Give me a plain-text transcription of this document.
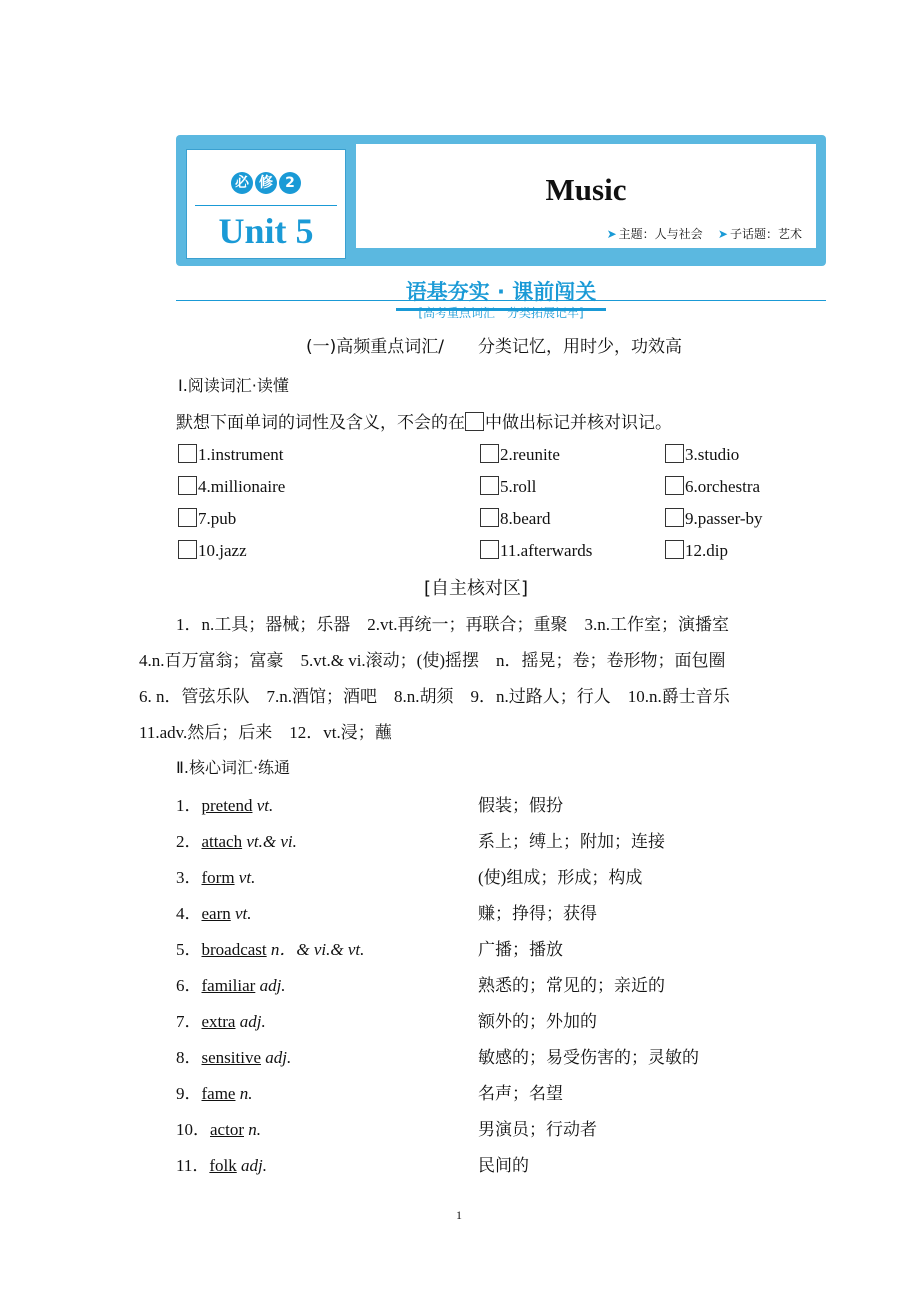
必 修 2
Unit 5
Music
➤ 主题：人与社会 ➤ 子话题：艺术
语基夯实 · 课前闯关
[高考重点词汇　分类拓展记牢]
(一)高频重点词汇/　　分类记忆，用时少，功效高
Ⅰ.阅读词汇·读懂
默想下面单词的词性及含义，不会的在 中做出标记并核对识记。
1.instrument	2.reunite	3.studio
4.millionaire	5.roll	6.orchestra
7.pub	8.beard	9.passer-by
10.jazz	11.afterwards	12.dip
[自主核对区]
1．n.工具；器械；乐器　2.vt.再统一；再联合；重聚　3.n.工作室；演播室
4.n.百万富翁；富豪　5.vt.& vi.滚动；(使)摇摆　n．摇晃；卷；卷形物；面包圈
6. n．管弦乐队　7.n.酒馆；酒吧　8.n.胡须　9．n.过路人；行人　10.n.爵士音乐
11.adv.然后；后来　12．vt.浸；蘸
Ⅱ.核心词汇·练通
1．pretend vt.	假装；假扮
2．attach vt.& vi.	系上；缚上；附加；连接
3．form vt.	(使)组成；形成；构成
4．earn vt.	赚；挣得；获得
5．broadcast n．& vi.& vt.	广播；播放
6．familiar adj.	熟悉的；常见的；亲近的
7．extra adj.	额外的；外加的
8．sensitive adj.	敏感的；易受伤害的；灵敏的
9．fame n.	名声；名望
10．actor n.	男演员；行动者
11．folk adj.	民间的
1
